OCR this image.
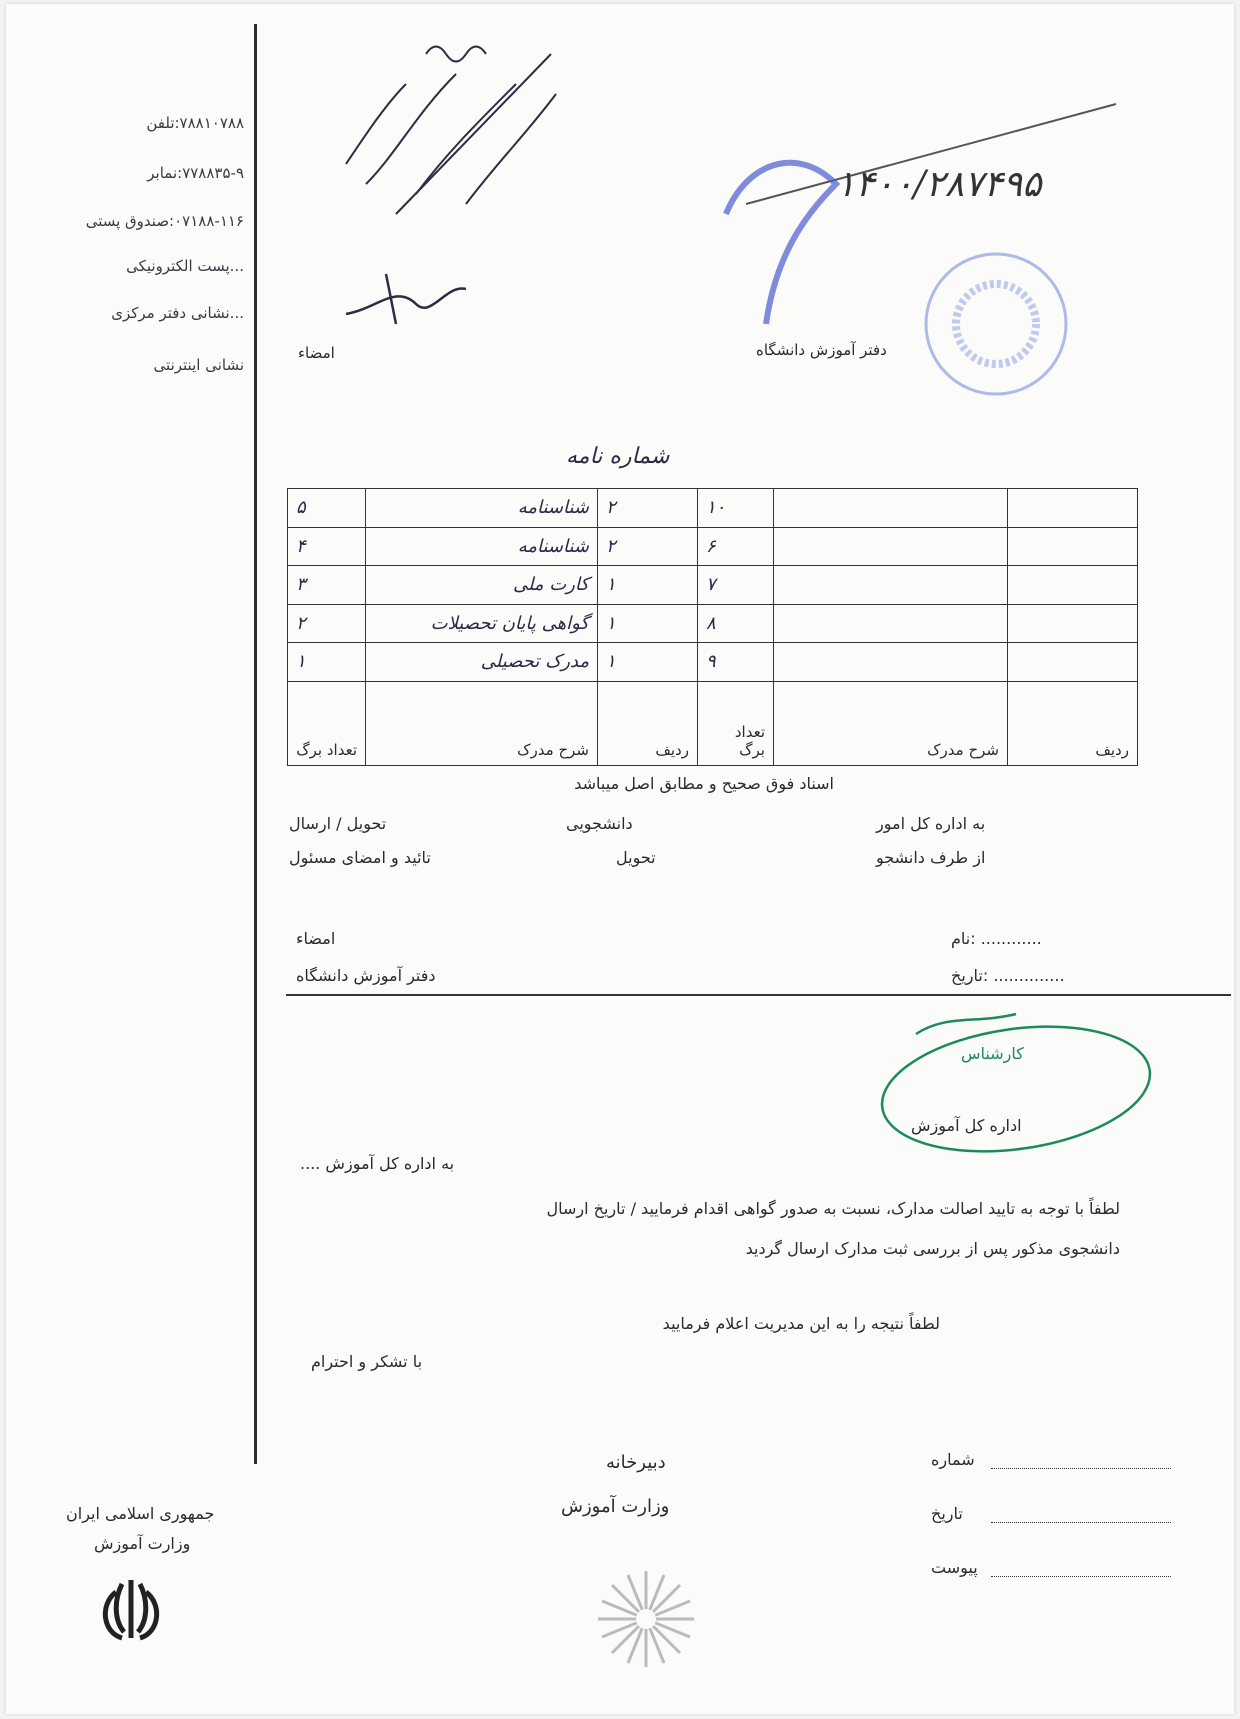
۷۸۸۱۰۷۸۸:تلفن
۷۷۸۸۳۵-۹:نمابر
۰۷۱۸۸-۱۱۶:صندوق پستی
...پست الکترونیکی
...نشانی دفتر مرکزی
نشانی اینترنتی
۱۴۰۰/۲۸۷۴۹۵
امضاء	دفتر آموزش دانشگاه
شماره نامه
۵	شناسنامه	۲	۱۰		
۴	شناسنامه	۲	۶		
۳	کارت ملی	۱	۷		
۲	گواهی پایان تحصیلات	۱	۸		
۱	مدرک تحصیلی	۱	۹		
تعداد برگ	شرح مدرک	ردیف	تعداد برگ	شرح مدرک	ردیف
اسناد فوق صحیح و مطابق اصل میباشد
به اداره کل امور
دانشجویی
تحویل / ارسال
از طرف دانشجو
تحویل
تائید و امضای مسئول
امضاء
دفتر آموزش دانشگاه
نام: ............
تاریخ: ..............
کارشناس
اداره کل آموزش
به اداره کل آموزش ....
لطفاً با توجه به تایید اصالت مدارک، نسبت به صدور گواهی اقدام فرمایید / تاریخ ارسال
دانشجوی مذکور پس از بررسی ثبت مدارک ارسال گردید
لطفاً نتیجه را به این مدیریت اعلام فرمایید
با تشکر و احترام
دبیرخانه
وزارت آموزش
شماره
تاریخ
پیوست
جمهوری اسلامی ایران
وزارت آموزش
